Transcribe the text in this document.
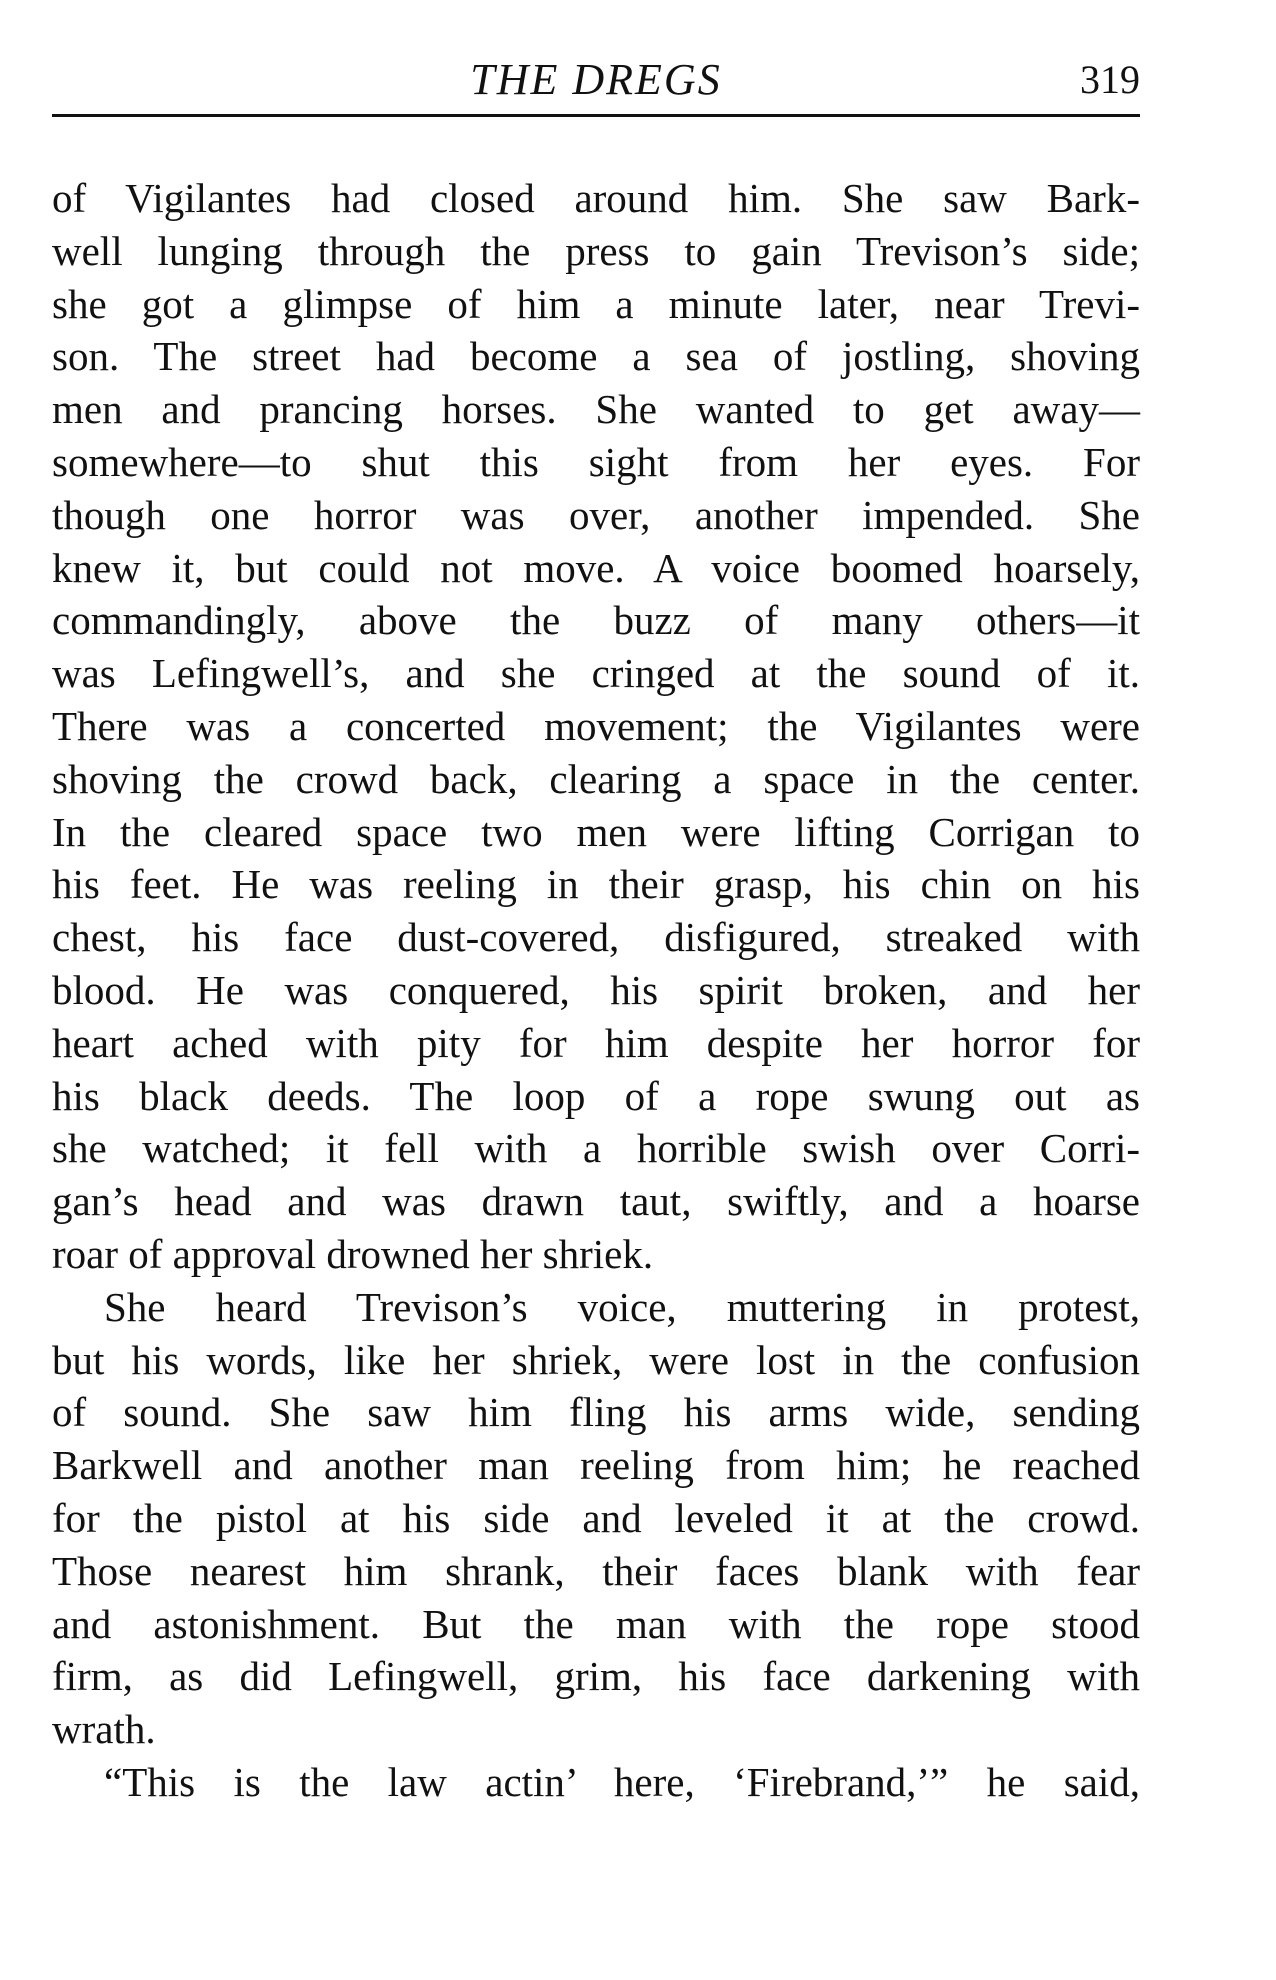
THE DREGS	319
of Vigilantes had closed around him. She saw Bark-
well lunging through the press to gain Trevison’s side;
she got a glimpse of him a minute later, near Trevi-
son. The street had become a sea of jostling, shoving
men and prancing horses. She wanted to get away—
somewhere—to shut this sight from her eyes. For
though one horror was over, another impended. She
knew it, but could not move. A voice boomed hoarsely,
commandingly, above the buzz of many others—it
was Lefingwell’s, and she cringed at the sound of it.
There was a concerted movement; the Vigilantes were
shoving the crowd back, clearing a space in the center.
In the cleared space two men were lifting Corrigan to
his feet. He was reeling in their grasp, his chin on his
chest, his face dust-covered, disfigured, streaked with
blood. He was conquered, his spirit broken, and her
heart ached with pity for him despite her horror for
his black deeds. The loop of a rope swung out as
she watched; it fell with a horrible swish over Corri-
gan’s head and was drawn taut, swiftly, and a hoarse
roar of approval drowned her shriek.
She heard Trevison’s voice, muttering in protest,
but his words, like her shriek, were lost in the confusion
of sound. She saw him fling his arms wide, sending
Barkwell and another man reeling from him; he reached
for the pistol at his side and leveled it at the crowd.
Those nearest him shrank, their faces blank with fear
and astonishment. But the man with the rope stood
firm, as did Lefingwell, grim, his face darkening with
wrath.
“This is the law actin’ here, ‘Firebrand,’” he said,
